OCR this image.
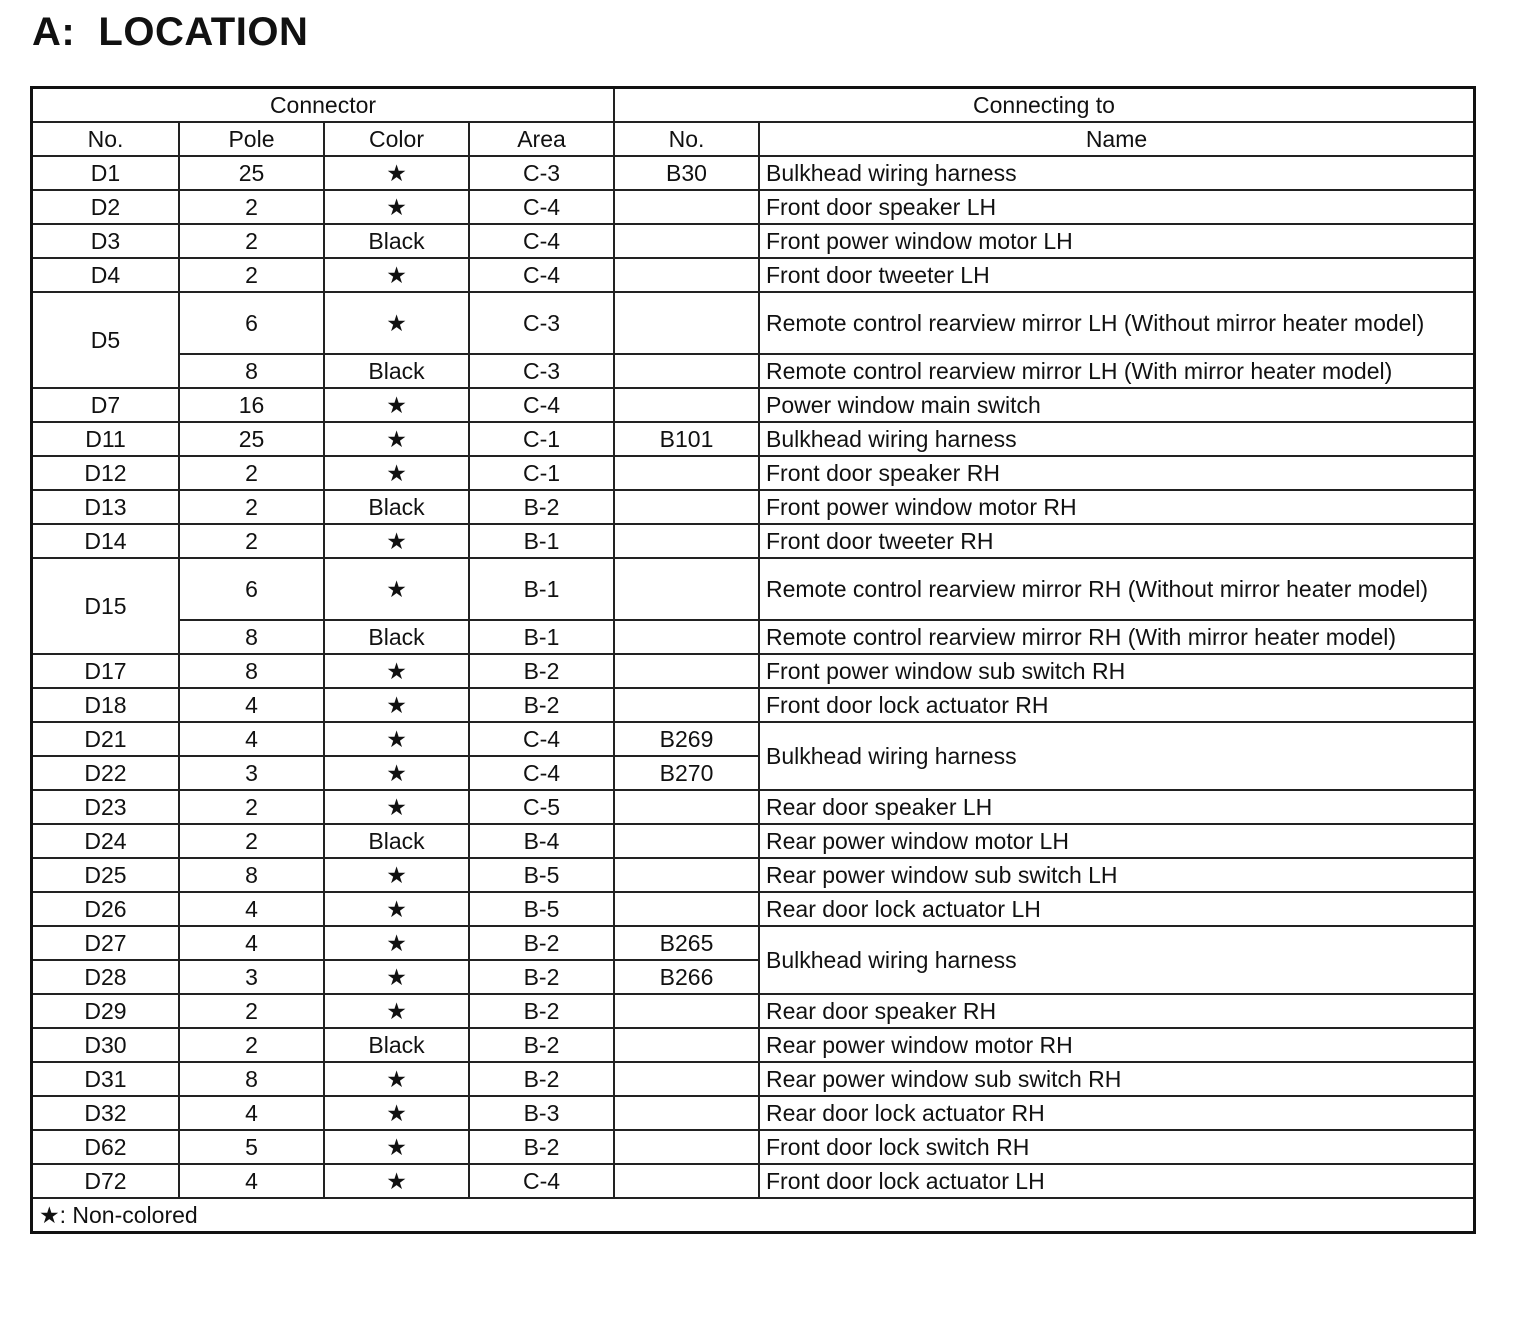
A:  LOCATION
Connector				Connecting to	
No.	Pole	Color	Area	No.	Name
D1	25	★	C-3	B30	Bulkhead wiring harness
D2	2	★	C-4		Front door speaker LH
D3	2	Black	C-4		Front power window motor LH
D4	2	★	C-4		Front door tweeter LH
D5	6	★	C-3		Remote control rearview mirror LH (Without mirror heater model)
	8	Black	C-3		Remote control rearview mirror LH (With mirror heater model)
D7	16	★	C-4		Power window main switch
D11	25	★	C-1	B101	Bulkhead wiring harness
D12	2	★	C-1		Front door speaker RH
D13	2	Black	B-2		Front power window motor RH
D14	2	★	B-1		Front door tweeter RH
D15	6	★	B-1		Remote control rearview mirror RH (Without mirror heater model)
	8	Black	B-1		Remote control rearview mirror RH (With mirror heater model)
D17	8	★	B-2		Front power window sub switch RH
D18	4	★	B-2		Front door lock actuator RH
D21	4	★	C-4	B269	Bulkhead wiring harness
D22	3	★	C-4	B270	
D23	2	★	C-5		Rear door speaker LH
D24	2	Black	B-4		Rear power window motor LH
D25	8	★	B-5		Rear power window sub switch LH
D26	4	★	B-5		Rear door lock actuator LH
D27	4	★	B-2	B265	Bulkhead wiring harness
D28	3	★	B-2	B266	
D29	2	★	B-2		Rear door speaker RH
D30	2	Black	B-2		Rear power window motor RH
D31	8	★	B-2		Rear power window sub switch RH
D32	4	★	B-3		Rear door lock actuator RH
D62	5	★	B-2		Front door lock switch RH
D72	4	★	C-4		Front door lock actuator LH
★: Non-colored					
